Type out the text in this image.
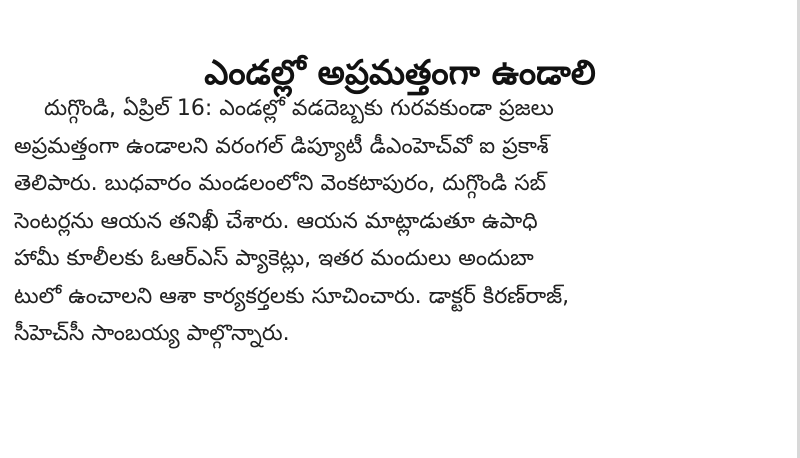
ఎండల్లో అప్రమత్తంగా ఉండాలి
దుగ్గొండి, ఏప్రిల్ 16: ఎండల్లో వడదెబ్బకు గురవకుండా ప్రజలు
అప్రమత్తంగా ఉండాలని వరంగల్ డిప్యూటీ డీఎంహెచ్‌వో ఐ ప్రకాశ్
తెలిపారు. బుధవారం మండలంలోని వెంకటాపురం, దుగ్గొండి సబ్
సెంటర్లను ఆయన తనిఖీ చేశారు. ఆయన మాట్లాడుతూ ఉపాధి
హామీ కూలీలకు ఓఆర్ఎస్ ప్యాకెట్లు, ఇతర మందులు అందుబా
టులో ఉంచాలని ఆశా కార్యకర్తలకు సూచించారు. డాక్టర్ కిరణ్‌రాజ్,
సీహెచ్‌సీ సాంబయ్య పాల్గొన్నారు.
